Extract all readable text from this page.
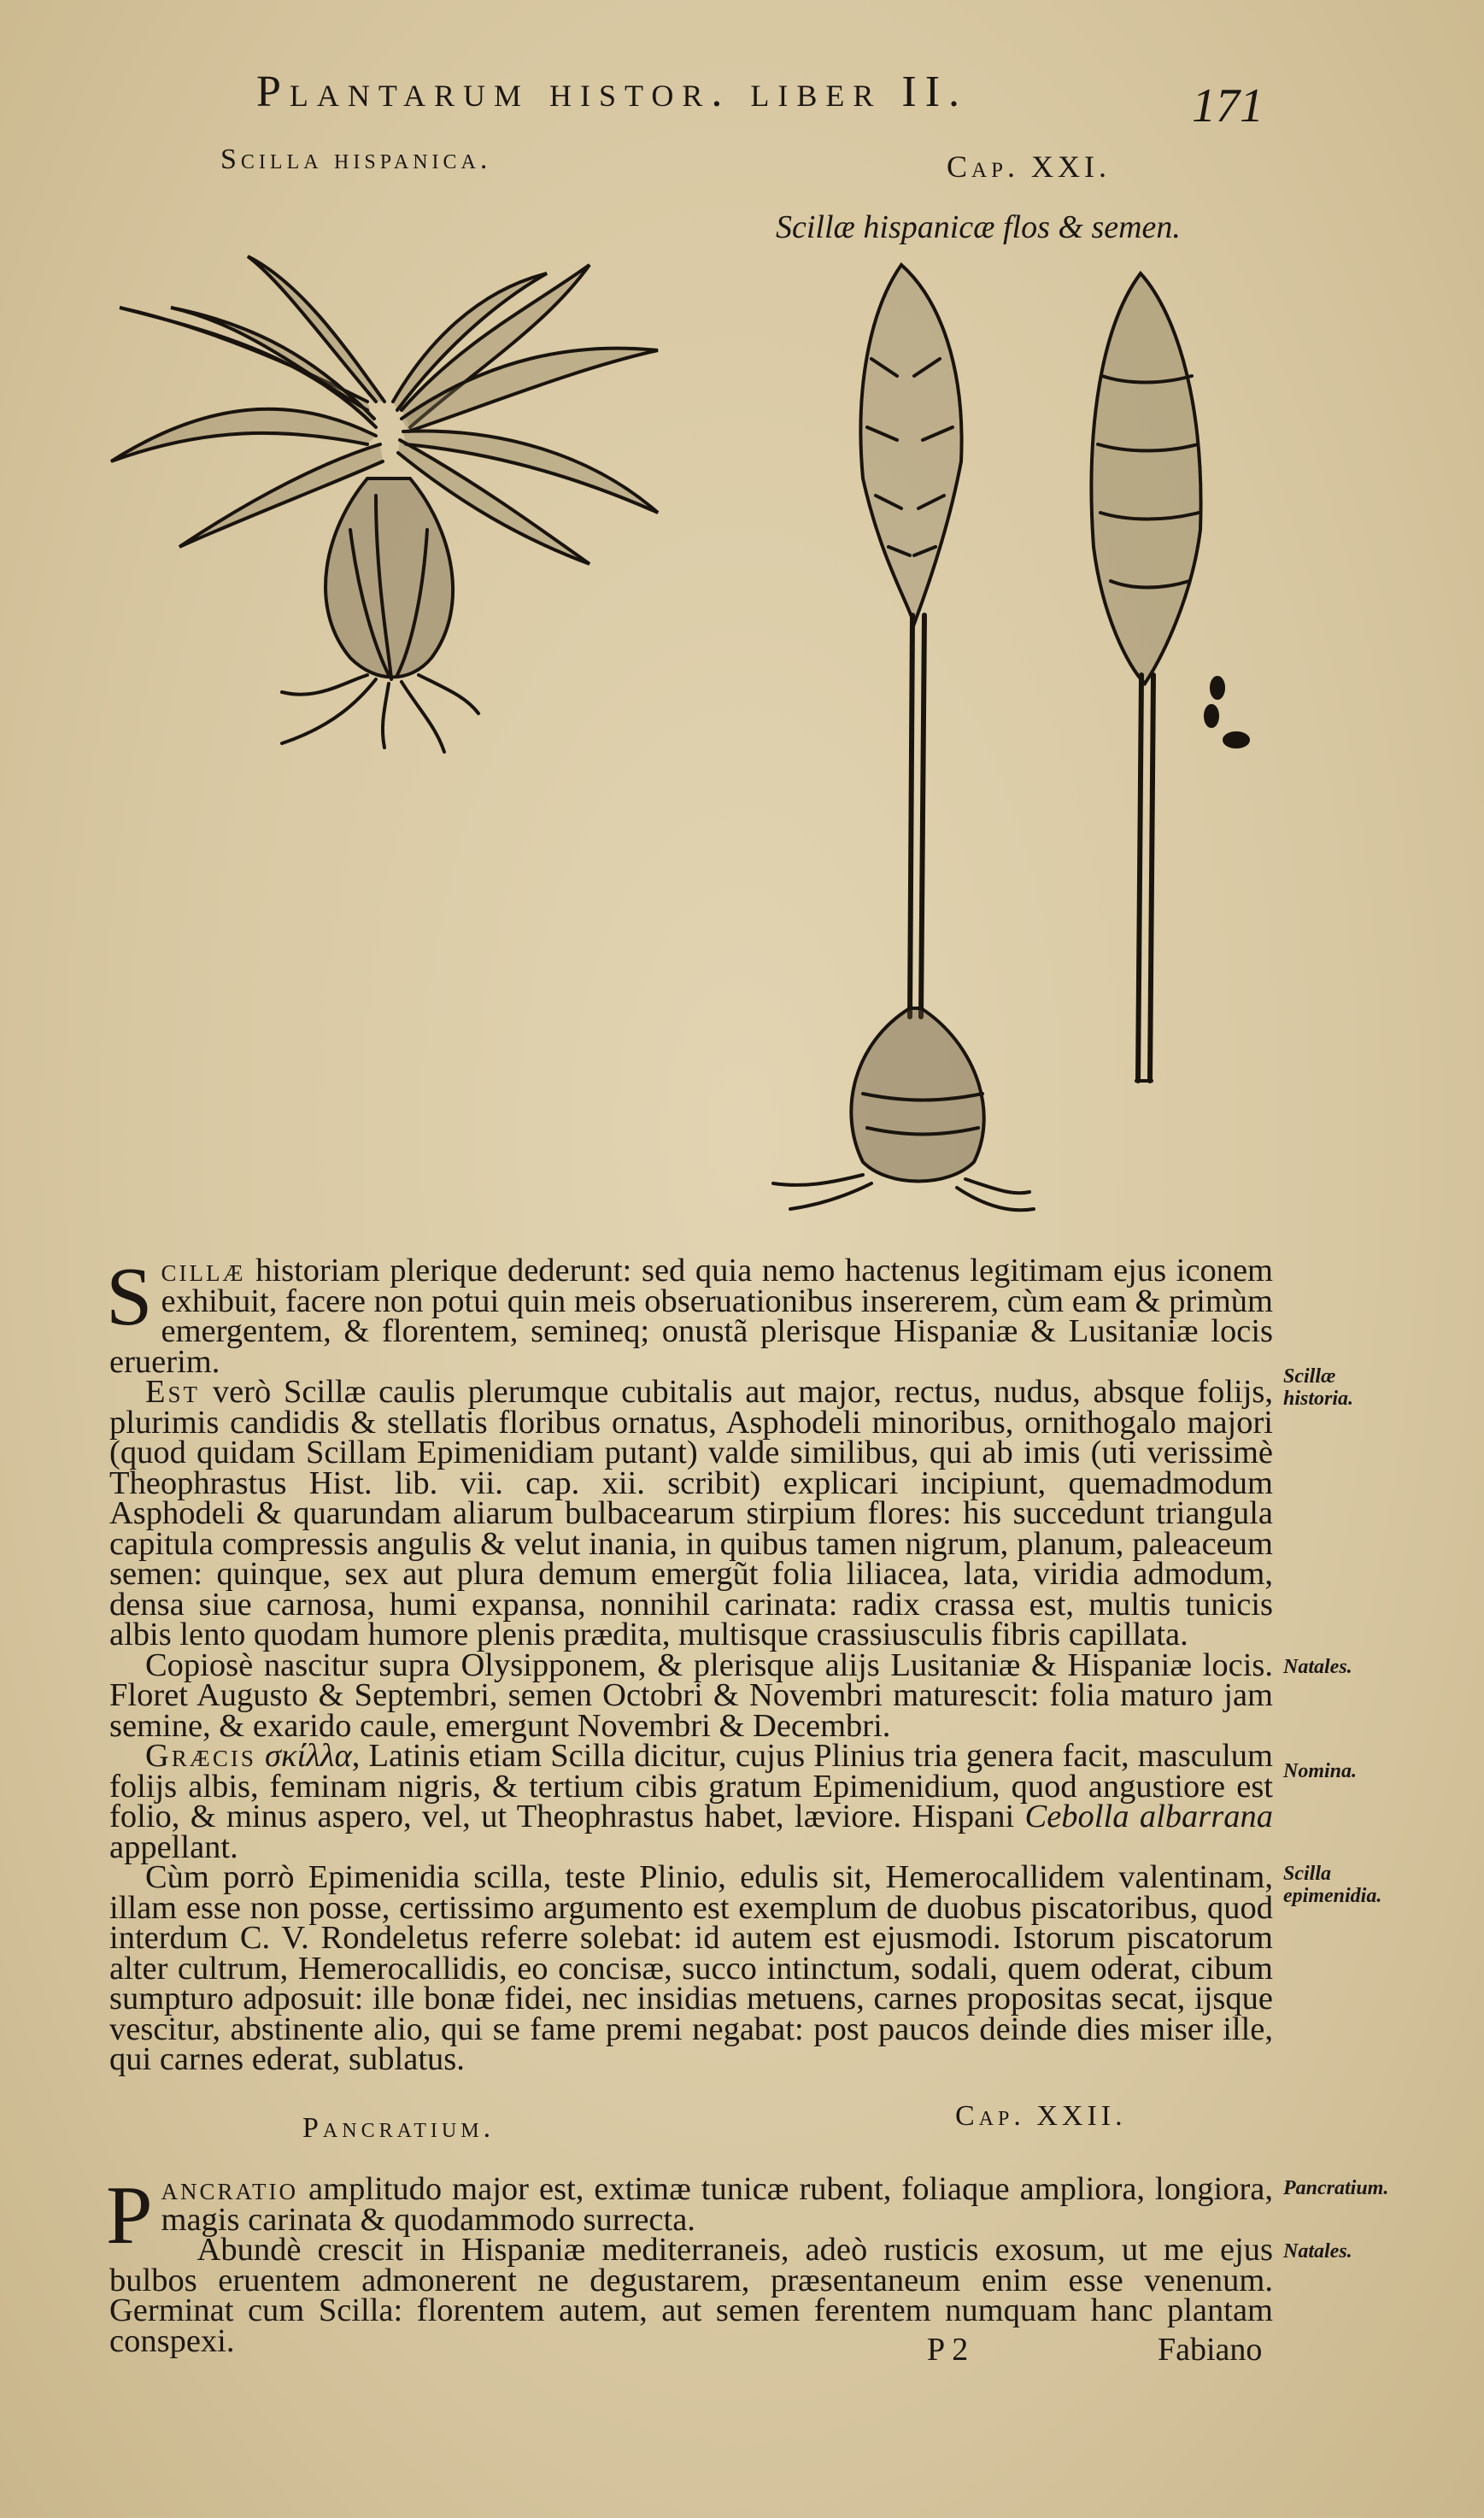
Plantarum histor. liber II.	171
Scilla hispanica.	Cap. XXI.
Scillæ hispanicæ flos & semen.

Scillæ historiam plerique dederunt: sed quia nemo hactenus legitimam ejus iconem exhibuit, facere non potui quin meis obseruationibus insererem, cùm eam & primùm emergentem, & florentem, semineq; onustã plerisque Hispaniæ & Lusitaniæ locis eruerim.

Est verò Scillæ caulis plerumque cubitalis aut major, rectus, nudus, absque folijs, plurimis candidis & stellatis floribus ornatus, Asphodeli minoribus, ornithogalo majori (quod quidam Scillam Epimenidiam putant) valde similibus, qui ab imis (uti verissimè Theophrastus Hist. lib. vii. cap. xii. scribit) explicari incipiunt, quemadmodum Asphodeli & quarundam aliarum bulbacearum stirpium flores: his succedunt triangula capitula compressis angulis & velut inania, in quibus tamen nigrum, planum, paleaceum semen: quinque, sex aut plura demum emergũt folia liliacea, lata, viridia admodum, densa siue carnosa, humi expansa, nonnihil carinata: radix crassa est, multis tunicis albis lento quodam humore plenis prædita, multisque crassiusculis fibris capillata.

Copiosè nascitur supra Olysipponem, & plerisque alijs Lusitaniæ & Hispaniæ locis. Floret Augusto & Septembri, semen Octobri & Novembri maturescit: folia maturo jam semine, & exarido caule, emergunt Novembri & Decembri.

Græcis σκίλλα, Latinis etiam Scilla dicitur, cujus Plinius tria genera facit, masculum folijs albis, feminam nigris, & tertium cibis gratum Epimenidium, quod angustiore est folio, & minus aspero, vel, ut Theophrastus habet, læviore. Hispani Cebolla albarrana appellant.

Cùm porrò Epimenidia scilla, teste Plinio, edulis sit, Hemerocallidem valentinam, illam esse non posse, certissimo argumento est exemplum de duobus piscatoribus, quod interdum C. V. Rondeletus referre solebat: id autem est ejusmodi. Istorum piscatorum alter cultrum, Hemerocallidis, eo concisæ, succo intinctum, sodali, quem oderat, cibum sumpturo adposuit: ille bonæ fidei, nec insidias metuens, carnes propositas secat, ijsque vescitur, abstinente alio, qui se fame premi negabat: post paucos deinde dies miser ille, qui carnes ederat, sublatus.

Scillæ historia.
Natales.
Nomina.
Scilla epimenidia.
Pancratium.	Cap. XXII.

Pancratio amplitudo major est, extimæ tunicæ rubent, foliaque ampliora, longiora, magis carinata & quodammodo surrecta.

Abundè crescit in Hispaniæ mediterraneis, adeò rusticis exosum, ut me ejus bulbos eruentem admonerent ne degustarem, præsentaneum enim esse venenum. Germinat cum Scilla: florentem autem, aut semen ferentem numquam hanc plantam conspexi.

Pancratium.
Natales.
P 2	Fabiano
